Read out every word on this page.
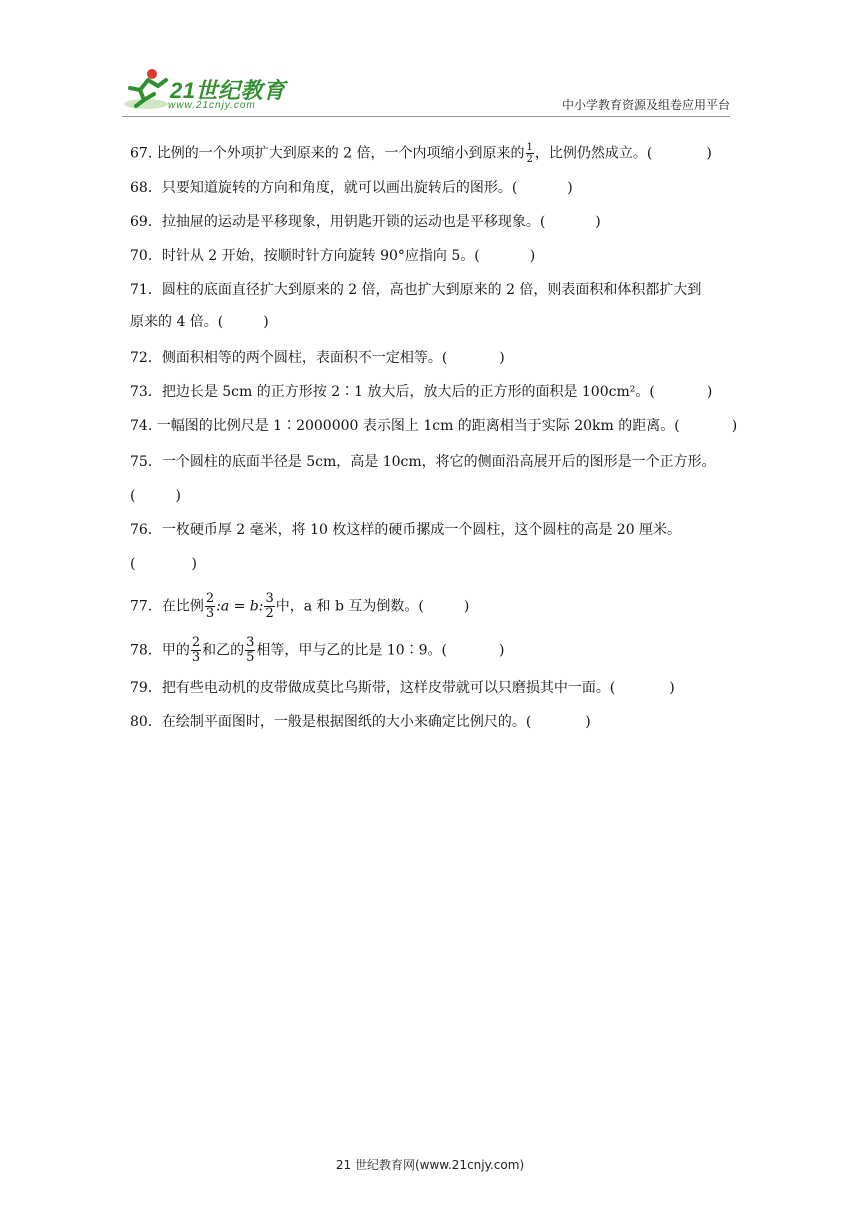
21世纪教育
www.21cnjy.com	中小学教育资源及组卷应用平台
67. 比例的一个外项扩大到原来的 2 倍，一个内项缩小到原来的 $\frac{1}{2}$ ，比例仍然成立。(	)
68．只要知道旋转的方向和角度，就可以画出旋转后的图形。(	)
69．拉抽屉的运动是平移现象，用钥匙开锁的运动也是平移现象。(	)
70．时针从 2 开始，按顺时针方向旋转 90°应指向 5。(	)
71．圆柱的底面直径扩大到原来的 2 倍，高也扩大到原来的 2 倍，则表面积和体积都扩大到
原来的 4 倍。(	)
72．侧面积相等的两个圆柱，表面积不一定相等。(	)
73．把边长是 5cm 的正方形按 2∶1 放大后，放大后的正方形的面积是 100cm²。(	)
74. 一幅图的比例尺是 1∶2000000 表示图上 1cm 的距离相当于实际 20km 的距离。(	)
75．一个圆柱的底面半径是 5cm，高是 10cm，将它的侧面沿高展开后的图形是一个正方形。
(	)
76．一枚硬币厚 2 毫米，将 10 枚这样的硬币摞成一个圆柱，这个圆柱的高是 20 厘米。
(	)
77．在比例 $\frac{2}{3}$ :a = b: $\frac{3}{2}$ 中，a 和 b 互为倒数。(	)
78．甲的 $\frac{2}{3}$ 和乙的 $\frac{3}{5}$ 相等，甲与乙的比是 10∶9。(	)
79．把有些电动机的皮带做成莫比乌斯带，这样皮带就可以只磨损其中一面。(	)
80．在绘制平面图时，一般是根据图纸的大小来确定比例尺的。(	)
21 世纪教育网(www.21cnjy.com)
